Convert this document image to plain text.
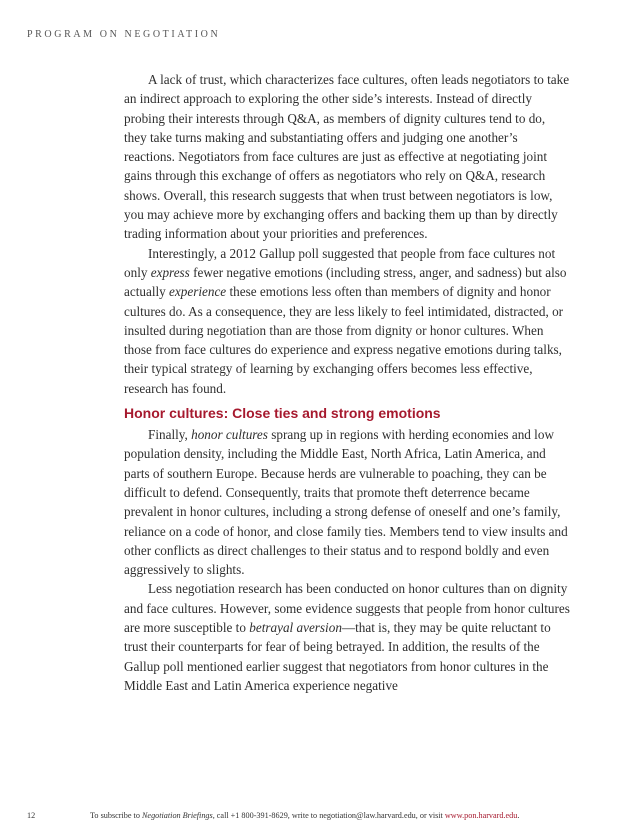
PROGRAM ON NEGOTIATION

A lack of trust, which characterizes face cultures, often leads negotiators to take an indirect approach to exploring the other side’s interests. Instead of directly probing their interests through Q&A, as members of dignity cultures tend to do, they take turns making and substantiating offers and judging one another’s reactions. Negotiators from face cultures are just as effective at negotiating joint gains through this exchange of offers as negotiators who rely on Q&A, research shows. Overall, this research suggests that when trust between negotiators is low, you may achieve more by exchanging offers and backing them up than by directly trading information about your priorities and preferences.

Interestingly, a 2012 Gallup poll suggested that people from face cultures not only express fewer negative emotions (including stress, anger, and sadness) but also actually experience these emotions less often than members of dignity and honor cultures do. As a consequence, they are less likely to feel intimidated, distracted, or insulted during negotiation than are those from dignity or honor cultures. When those from face cultures do experience and express negative emotions during talks, their typical strategy of learning by exchanging offers becomes less effective, research has found.

Honor cultures: Close ties and strong emotions

Finally, honor cultures sprang up in regions with herding economies and low population density, including the Middle East, North Africa, Latin America, and parts of southern Europe. Because herds are vulnerable to poaching, they can be difficult to defend. Consequently, traits that promote theft deterrence became prevalent in honor cultures, including a strong defense of oneself and one’s family, reliance on a code of honor, and close family ties. Members tend to view insults and other conflicts as direct challenges to their status and to respond boldly and even aggressively to slights.

Less negotiation research has been conducted on honor cultures than on dignity and face cultures. However, some evidence suggests that people from honor cultures are more susceptible to betrayal aversion—that is, they may be quite reluctant to trust their counterparts for fear of being betrayed. In addition, the results of the Gallup poll mentioned earlier suggest that negotiators from honor cultures in the Middle East and Latin America experience negative

12	To subscribe to Negotiation Briefings, call +1 800-391-8629, write to negotiation@law.harvard.edu, or visit www.pon.harvard.edu.
